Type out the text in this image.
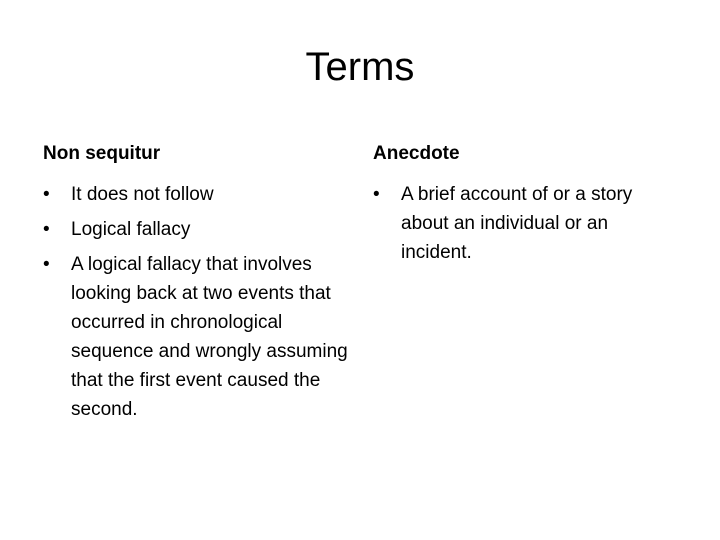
Terms
Non sequitur
•	It does not follow
•	Logical fallacy
•	A logical fallacy that involves looking back at two events that occurred in chronological sequence and wrongly assuming that the first event caused the second.
Anecdote
•	A brief account of or a story about an individual or an incident.
